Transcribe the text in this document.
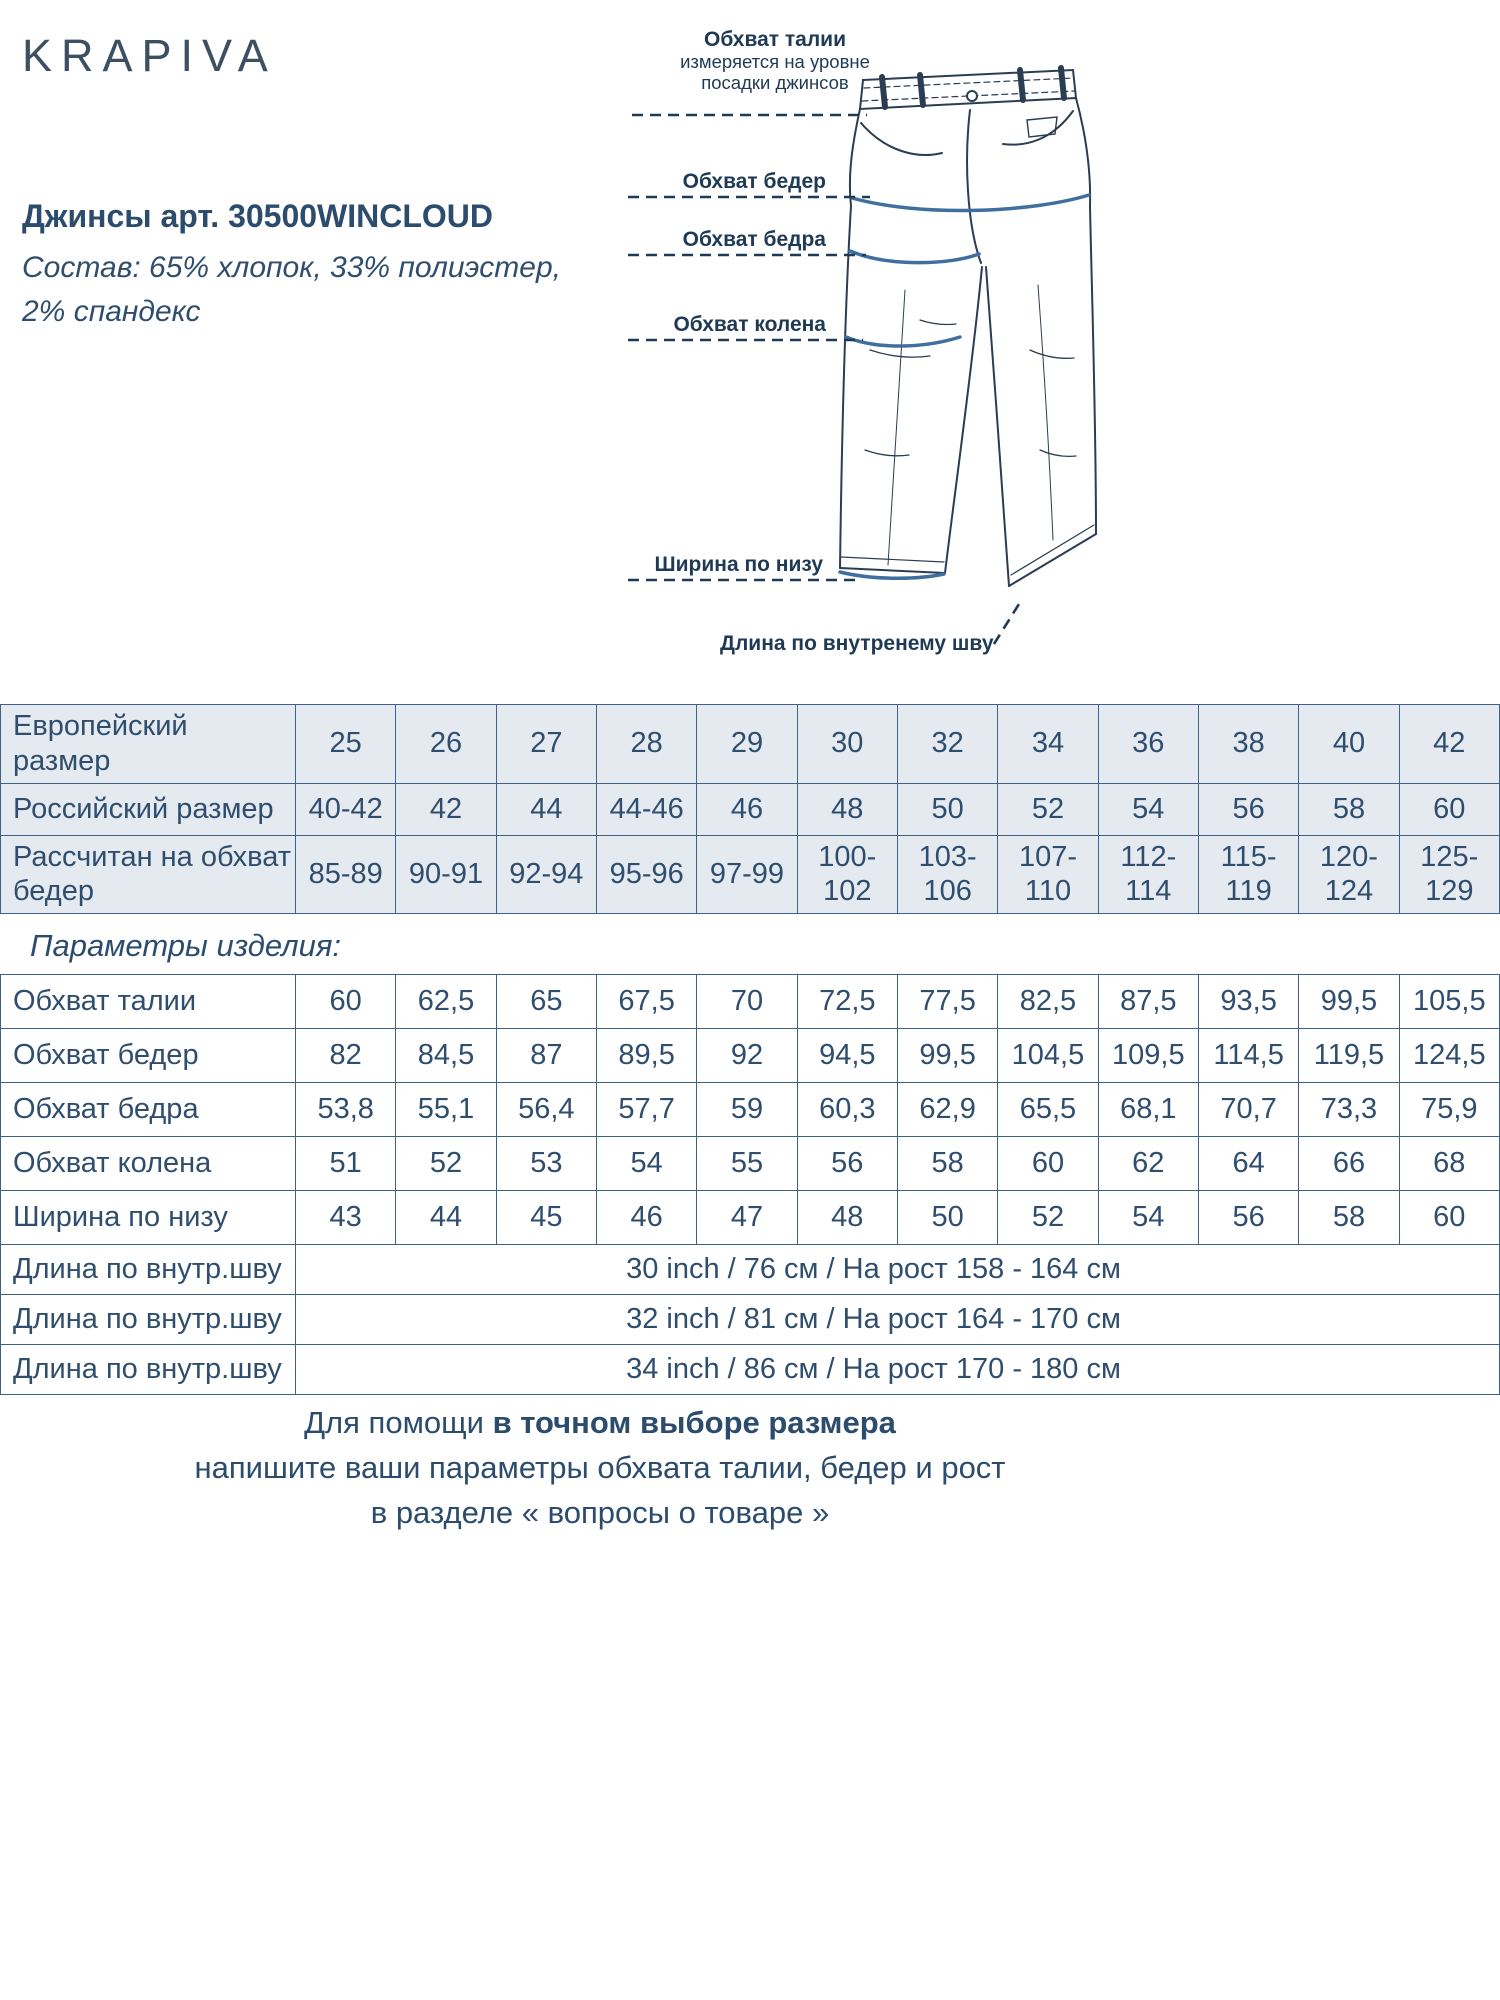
KRAPIVA
Джинсы арт. 30500WINCLOUD
Состав: 65% хлопок, 33% полиэстер,
2% спандекс
Обхват талии
измеряется на уровне
посадки джинсов
Обхват бедер
Обхват бедра
Обхват колена
Ширина по низу
Длина по внутренему шву
Европейский размер	25	26	27	28	29	30	32	34	36	38	40	42
Российский размер	40-42	42	44	44-46	46	48	50	52	54	56	58	60
Рассчитан на обхват бедер	85-89	90-91	92-94	95-96	97-99	100-102	103-106	107-110	112-114	115-119	120-124	125-129
Параметры изделия:
Обхват талии	60	62,5	65	67,5	70	72,5	77,5	82,5	87,5	93,5	99,5	105,5
Обхват бедер	82	84,5	87	89,5	92	94,5	99,5	104,5	109,5	114,5	119,5	124,5
Обхват бедра	53,8	55,1	56,4	57,7	59	60,3	62,9	65,5	68,1	70,7	73,3	75,9
Обхват колена	51	52	53	54	55	56	58	60	62	64	66	68
Ширина по низу	43	44	45	46	47	48	50	52	54	56	58	60
Длина по внутр.шву	30 inch / 76 см / На рост 158 - 164 см											
Длина по внутр.шву	32 inch / 81 см / На рост 164 - 170 см											
Длина по внутр.шву	34 inch / 86 см / На рост 170 - 180 см											
Для помощи в точном выборе размера
напишите ваши параметры обхвата талии, бедер и рост
в разделе « вопросы о товаре »
